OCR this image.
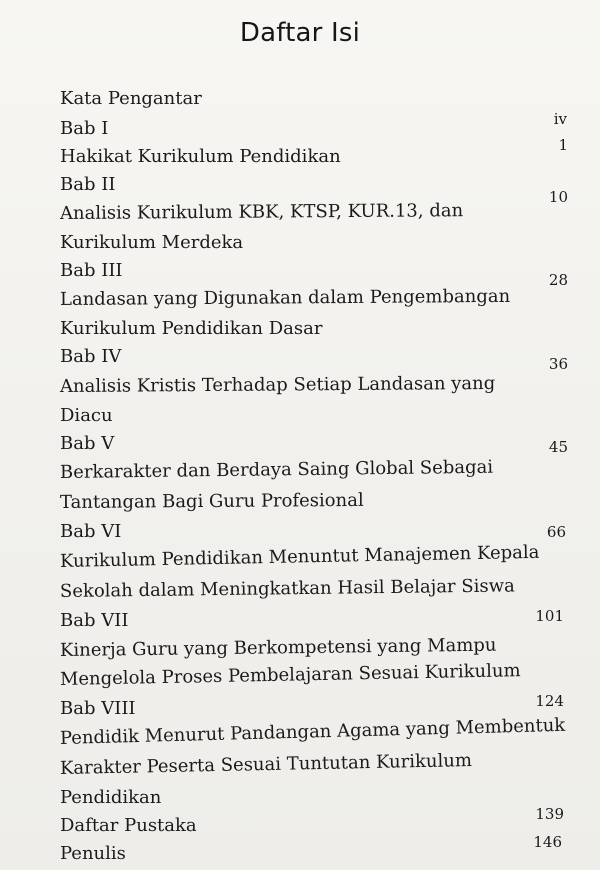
Daftar Isi
Kata Pengantar
Bab I
Hakikat Kurikulum Pendidikan
Bab II
Analisis Kurikulum KBK, KTSP, KUR.13, dan
Kurikulum Merdeka
Bab III
Landasan yang Digunakan dalam Pengembangan
Kurikulum Pendidikan Dasar
Bab IV
Analisis Kristis Terhadap Setiap Landasan yang
Diacu
Bab V
Berkarakter dan Berdaya Saing Global Sebagai
Tantangan Bagi Guru Profesional
Bab VI
Kurikulum Pendidikan Menuntut Manajemen Kepala
Sekolah dalam Meningkatkan Hasil Belajar Siswa
Bab VII
Kinerja Guru yang Berkompetensi yang Mampu
Mengelola Proses Pembelajaran Sesuai Kurikulum
Bab VIII
Pendidik Menurut Pandangan Agama yang Membentuk
Karakter Peserta Sesuai Tuntutan Kurikulum
Pendidikan
Daftar Pustaka
Penulis
iv
1
10
28
36
45
66
101
124
139
146
